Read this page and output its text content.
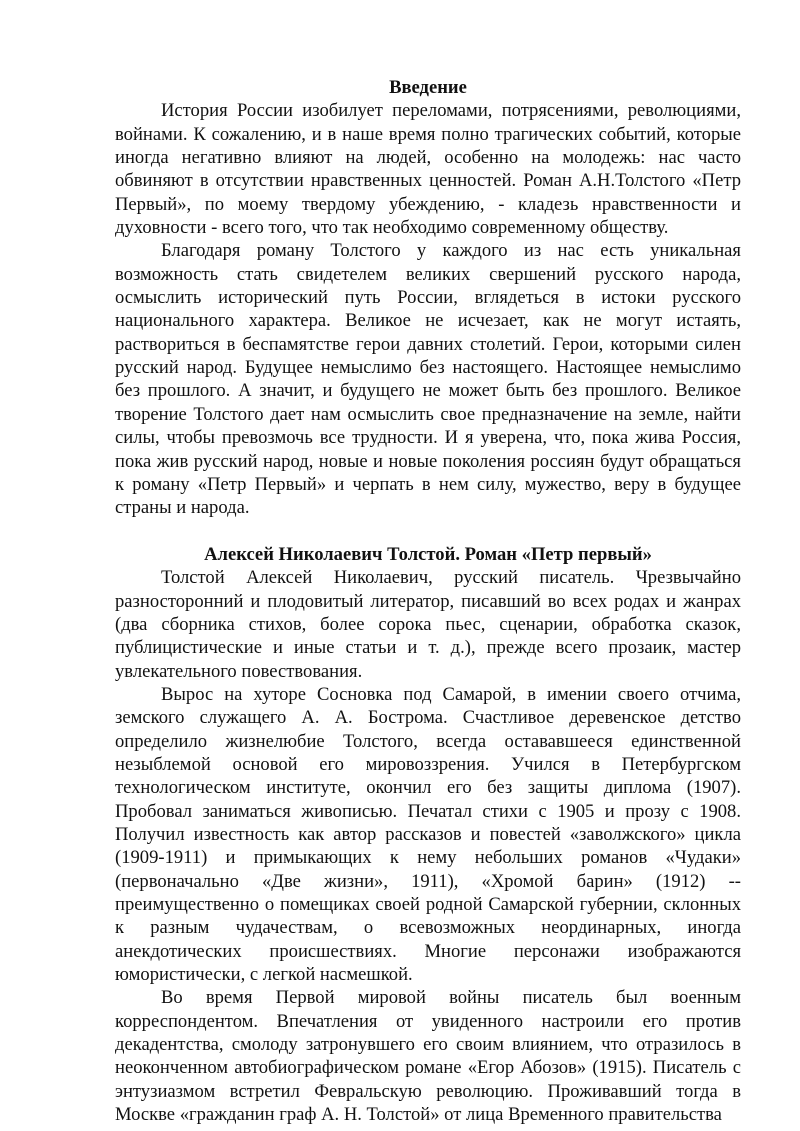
Введение

История России изобилует переломами, потрясениями, революциями, войнами. К сожалению, и в наше время полно трагических событий, которые иногда негативно влияют на людей, особенно на молодежь: нас часто обвиняют в отсутствии нравственных ценностей. Роман А.Н.Толстого «Петр Первый», по моему твердому убеждению, - кладезь нравственности и духовности - всего того, что так необходимо современному обществу.

Благодаря роману Толстого у каждого из нас есть уникальная возможность стать свидетелем великих свершений русского народа, осмыслить исторический путь России, вглядеться в истоки русского национального характера. Великое не исчезает, как не могут истаять, раствориться в беспамятстве герои давних столетий. Герои, которыми силен русский народ. Будущее немыслимо без настоящего. Настоящее немыслимо без прошлого. А значит, и будущего не может быть без прошлого. Великое творение Толстого дает нам осмыслить свое предназначение на земле, найти силы, чтобы превозмочь все трудности. И я уверена, что, пока жива Россия, пока жив русский народ, новые и новые поколения россиян будут обращаться к роману «Петр Первый» и черпать в нем силу, мужество, веру в будущее страны и народа.

Алексей Николаевич Толстой. Роман «Петр первый»

Толстой Алексей Николаевич, русский писатель. Чрезвычайно разносторонний и плодовитый литератор, писавший во всех родах и жанрах (два сборника стихов, более сорока пьес, сценарии, обработка сказок, публицистические и иные статьи и т. д.), прежде всего прозаик, мастер увлекательного повествования.

Вырос на хуторе Сосновка под Самарой, в имении своего отчима, земского служащего А. А. Бострома. Счастливое деревенское детство определило жизнелюбие Толстого, всегда остававшееся единственной незыблемой основой его мировоззрения. Учился в Петербургском технологическом институте, окончил его без защиты диплома (1907). Пробовал заниматься живописью. Печатал стихи с 1905 и прозу с 1908. Получил известность как автор рассказов и повестей «заволжского» цикла (1909-1911) и примыкающих к нему небольших романов «Чудаки» (первоначально «Две жизни», 1911), «Хромой барин» (1912) -- преимущественно о помещиках своей родной Самарской губернии, склонных к разным чудачествам, о всевозможных неординарных, иногда анекдотических происшествиях. Многие персонажи изображаются юмористически, с легкой насмешкой.

Во время Первой мировой войны писатель был военным корреспондентом. Впечатления от увиденного настроили его против декадентства, смолоду затронувшего его своим влиянием, что отразилось в неоконченном автобиографическом романе «Егор Абозов» (1915). Писатель с энтузиазмом встретил Февральскую революцию. Проживавший тогда в Москве «гражданин граф А. Н. Толстой» от лица Временного правительства
